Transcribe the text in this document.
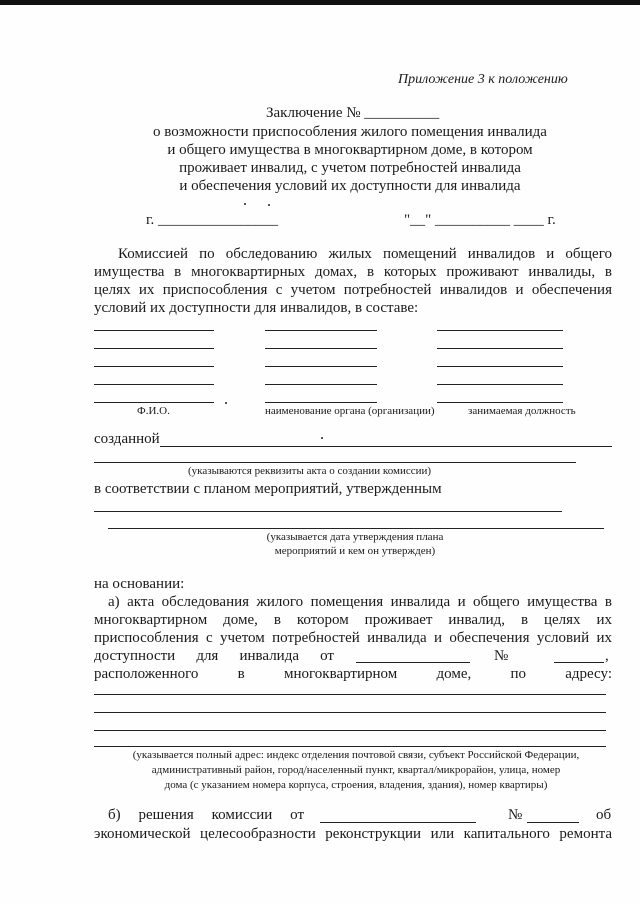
Приложение 3 к положению
Заключение № __________
о возможности приспособления жилого помещения инвалида
и общего имущества в многоквартирном доме, в котором
проживает инвалид, с учетом потребностей инвалида
и обеспечения условий их доступности для инвалида
г. ________________	"__" __________ ____ г.
Комиссией по обследованию жилых помещений инвалидов и общего
имущества в многоквартирных домах, в которых проживают инвалиды, в
целях их приспособления с учетом потребностей инвалидов и обеспечения
условий их доступности для инвалидов, в составе:
Ф.И.О.	наименование органа (организации)	занимаемая должность
созданной
(указываются реквизиты акта о создании комиссии)
в соответствии с планом мероприятий, утвержденным
(указывается дата утверждения плана
мероприятий и кем он утвержден)
на основании:
а) акта обследования жилого помещения инвалида и общего имущества в
многоквартирном доме, в котором проживает инвалид, в целях их
приспособления с учетом потребностей инвалида и обеспечения условий их
доступности для инвалида от	№	,
расположенного в многоквартирном доме, по адресу:
(указывается полный адрес: индекс отделения почтовой связи, субъект Российской Федерации,
административный район, город/населенный пункт, квартал/микрорайон, улица, номер
дома (с указанием номера корпуса, строения, владения, здания), номер квартиры)
б) решения комиссии от	№	об
экономической целесообразности реконструкции или капитального ремонта
